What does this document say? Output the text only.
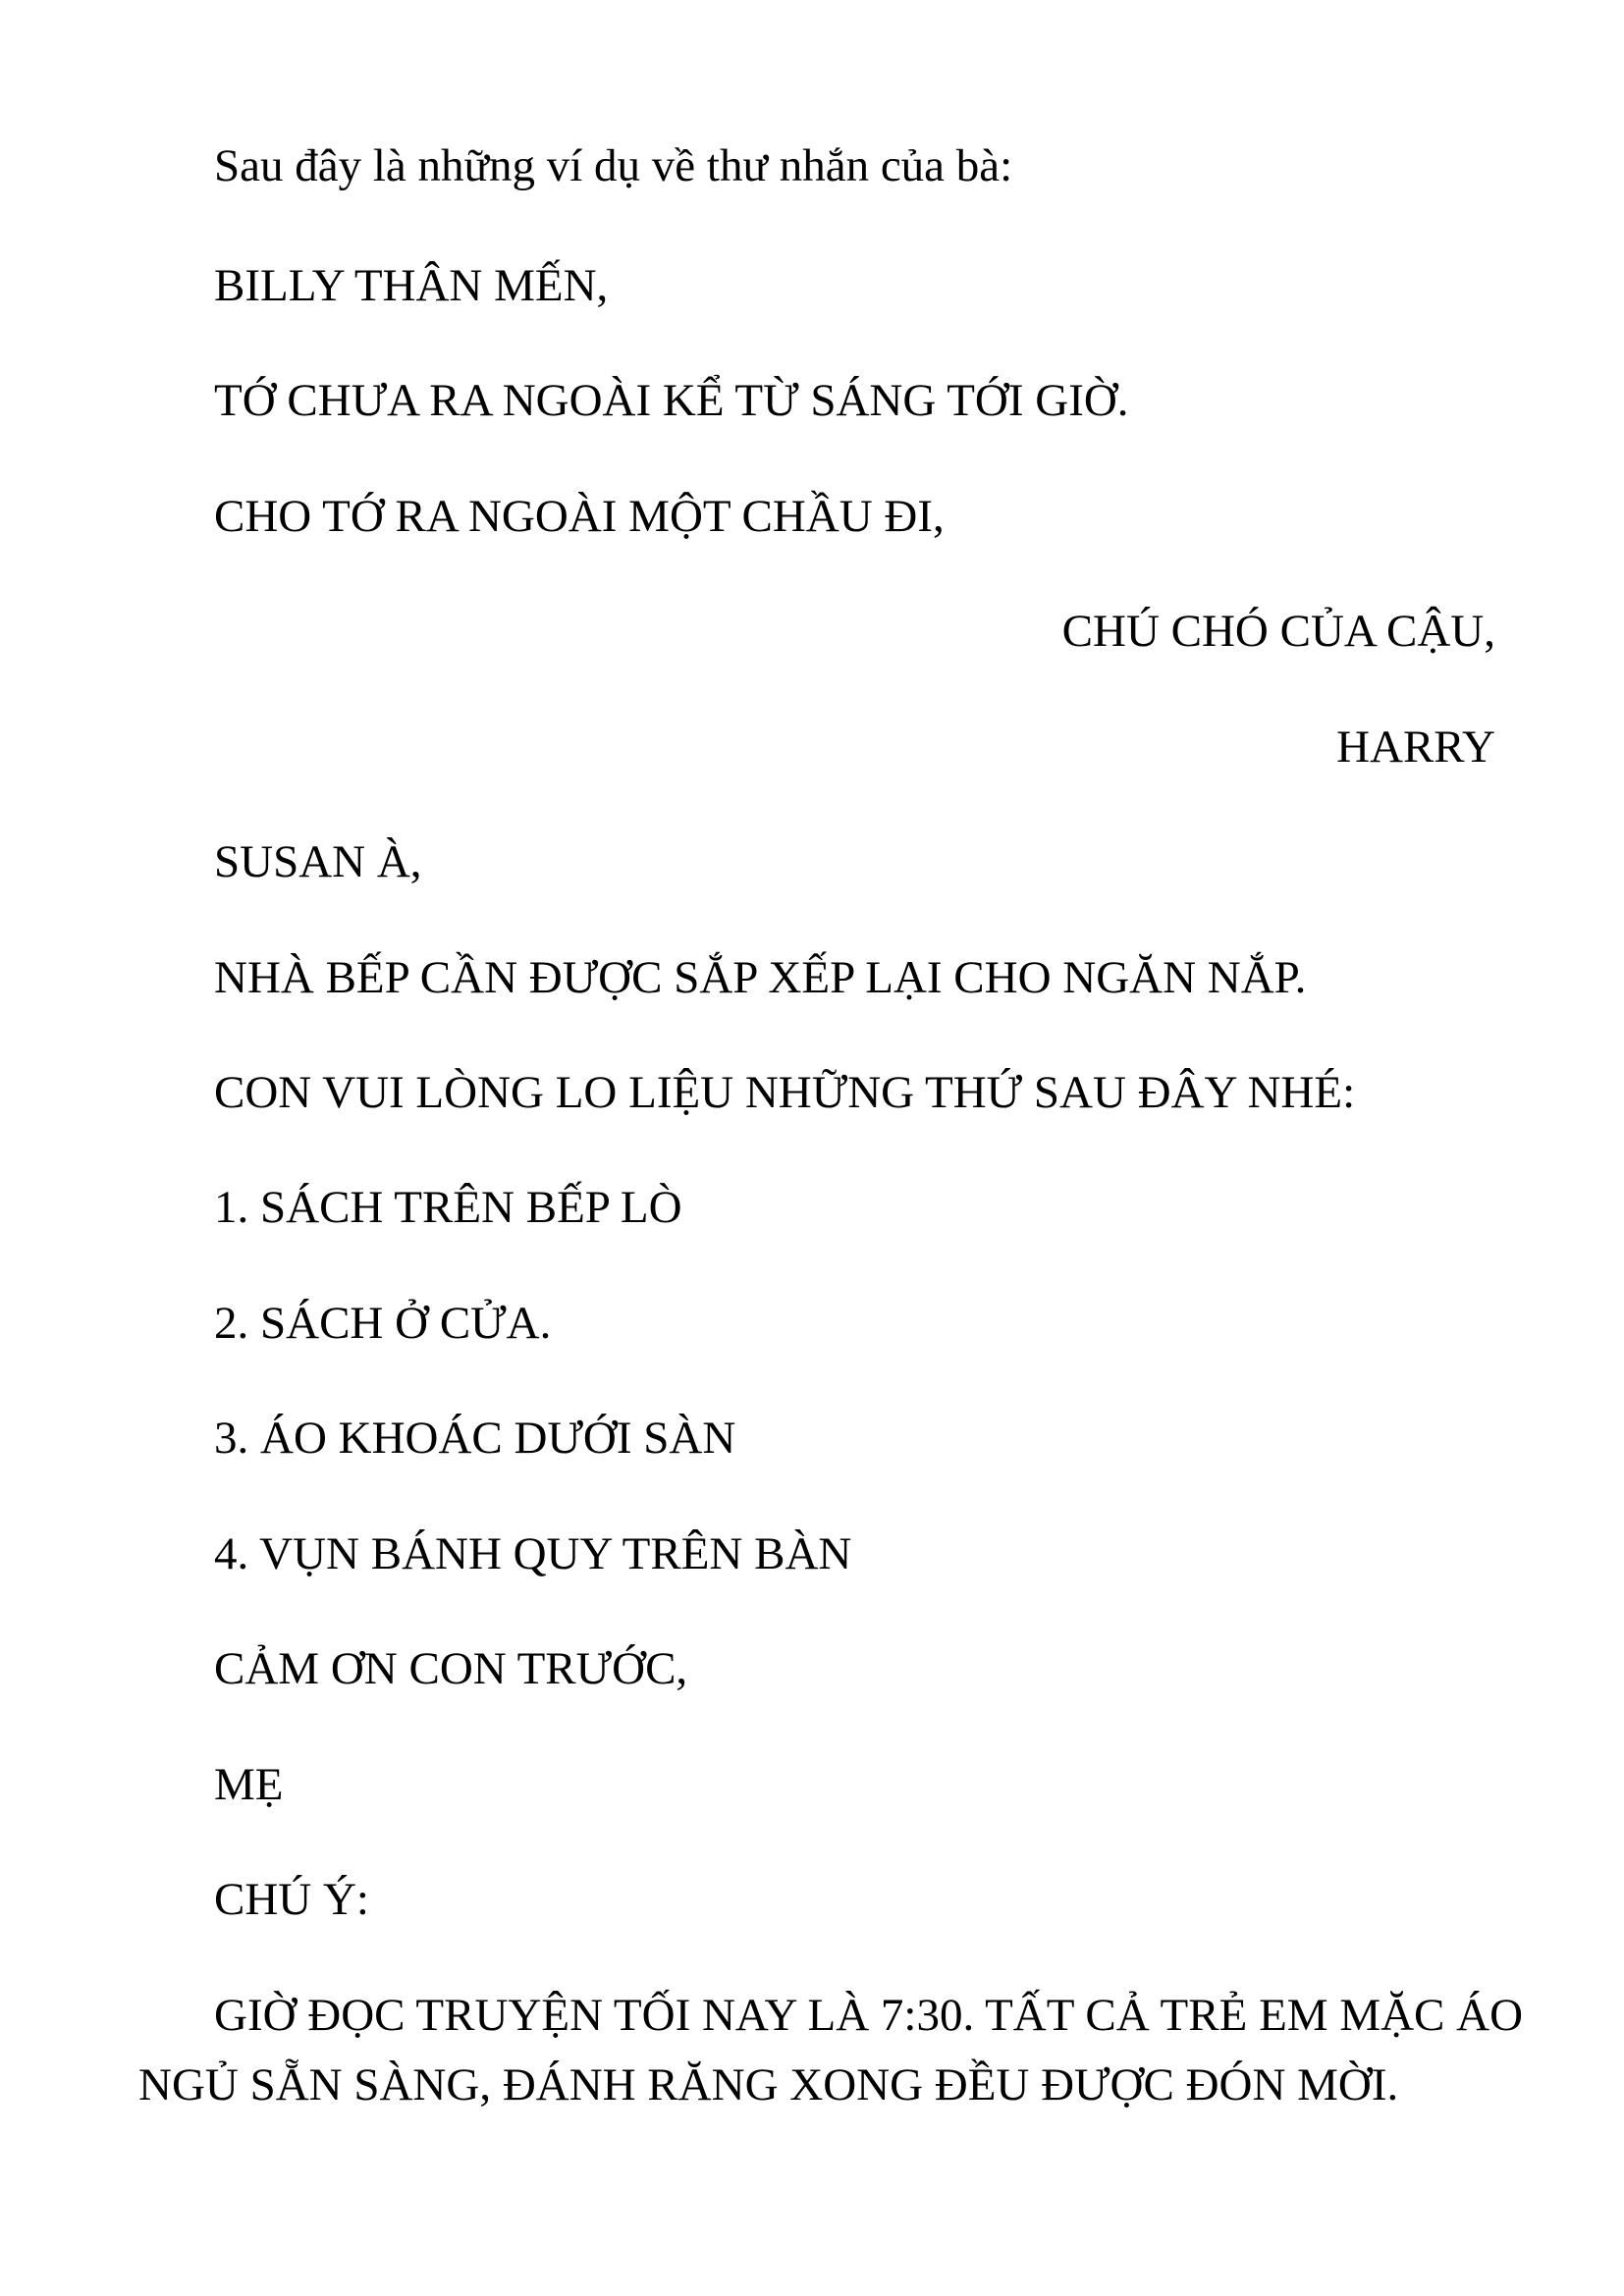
Sau đây là những ví dụ về thư nhắn của bà:

BILLY THÂN MẾN,

TỚ CHƯA RA NGOÀI KỂ TỪ SÁNG TỚI GIỜ.

CHO TỚ RA NGOÀI MỘT CHẦU ĐI,

CHÚ CHÓ CỦA CẬU,

HARRY

SUSAN À,

NHÀ BẾP CẦN ĐƯỢC SẮP XẾP LẠI CHO NGĂN NẮP.

CON VUI LÒNG LO LIỆU NHỮNG THỨ SAU ĐÂY NHÉ:

1. SÁCH TRÊN BẾP LÒ

2. SÁCH Ở CỬA.

3. ÁO KHOÁC DƯỚI SÀN

4. VỤN BÁNH QUY TRÊN BÀN

CẢM ƠN CON TRƯỚC,

MẸ

CHÚ Ý:

GIỜ ĐỌC TRUYỆN TỐI NAY LÀ 7:30. TẤT CẢ TRẺ EM MẶC ÁO
NGỦ SẴN SÀNG, ĐÁNH RĂNG XONG ĐỀU ĐƯỢC ĐÓN MỜI.
